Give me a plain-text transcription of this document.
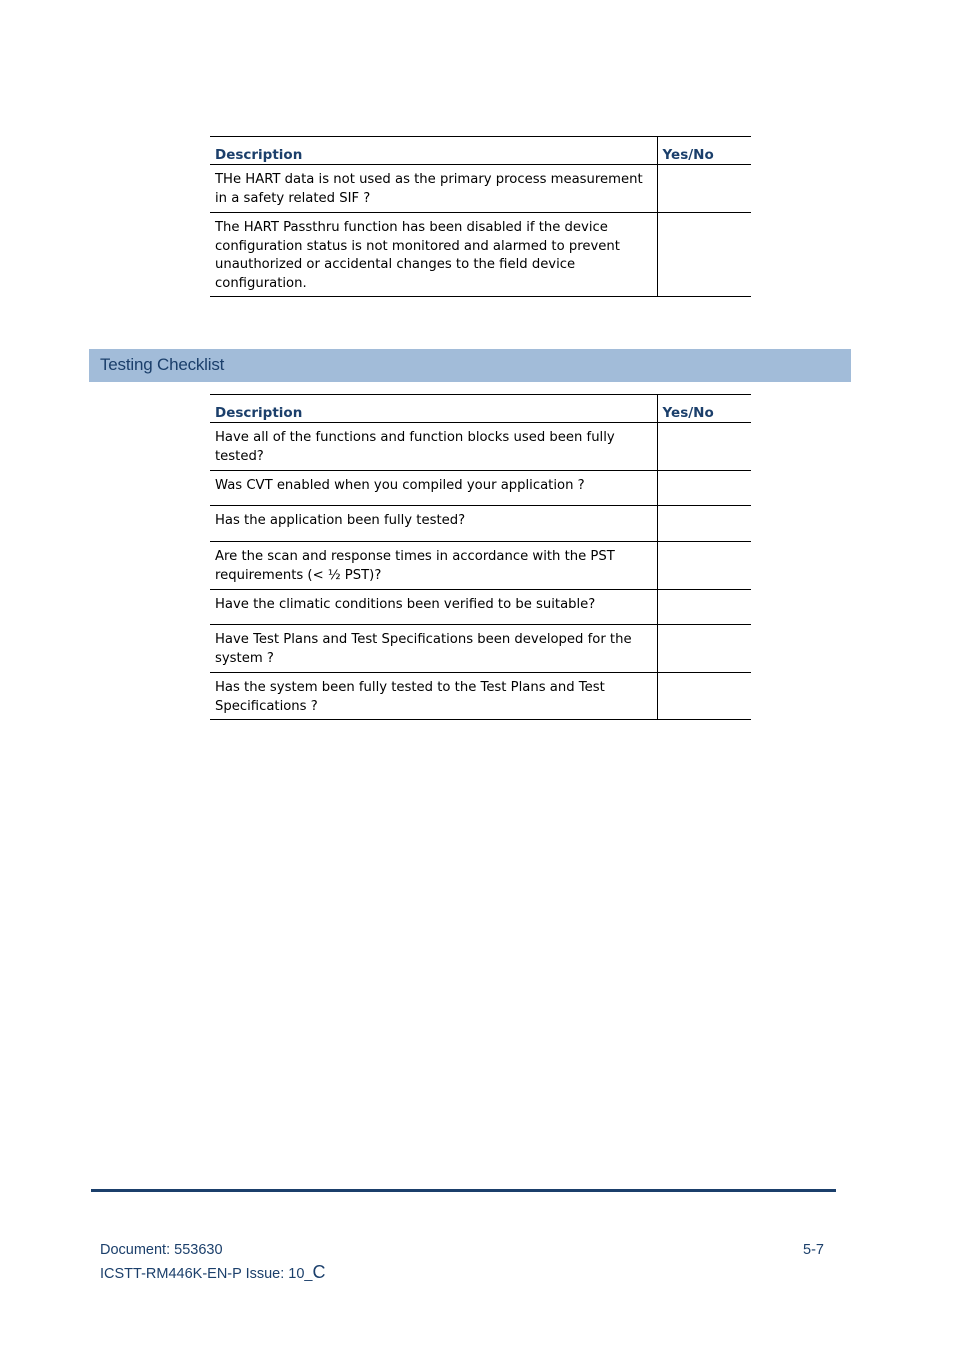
Description	Yes/No
THe HART data is not used as the primary process measurement in a safety related SIF ?	
The HART Passthru function has been disabled if the device configuration status is not monitored and alarmed to prevent unauthorized or accidental changes to the field device configuration.	
Testing Checklist
Description	Yes/No
Have all of the functions and function blocks used been fully tested?	
Was CVT enabled when you compiled your application ?	
Has the application been fully tested?	
Are the scan and response times in accordance with the PST requirements (< ½ PST)?	
Have the climatic conditions been verified to be suitable?	
Have Test Plans and Test Specifications been developed for the system ?	
Has the system been fully tested to the Test Plans and Test Specifications ?	
Document: 553630
ICSTT-RM446K-EN-P Issue: 10_C
5-7
